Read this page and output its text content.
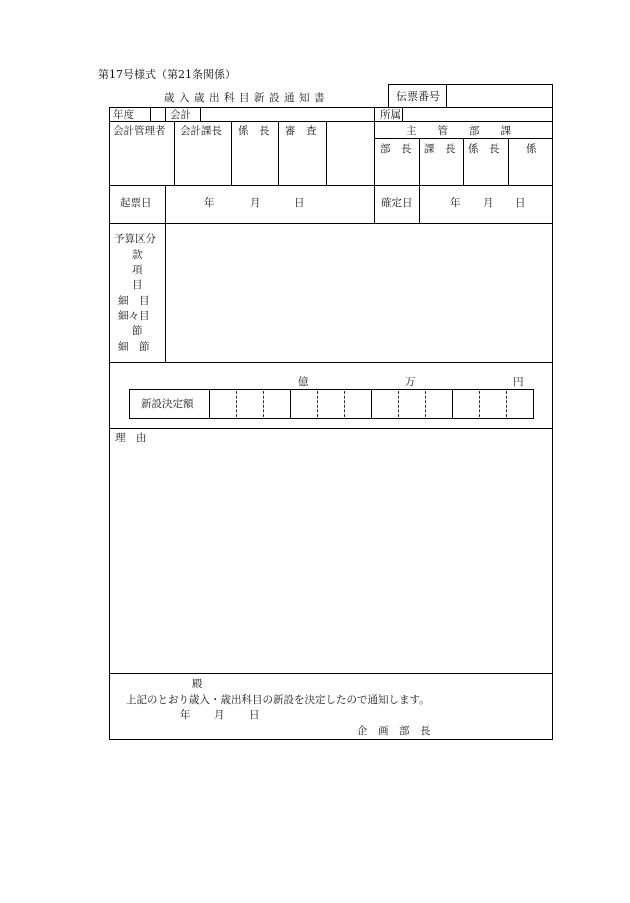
第17号様式（第21条関係）
歳入歳出科目新設通知書	伝票番号
年度	会計	所属
会計管理者 会計課長 係　長 審　査	主　　管　　部　　課
部　長 課　長 係　長	係
起票日	年	月	日	確定日	年 月 日
予算区分
款
項
目
細　目
細々目
節
細　節
億	万	円
新設決定額
理　由
殿
上記のとおり歳入・歳出科目の新設を決定したので通知します。
年 月 日
企　画　部　長
